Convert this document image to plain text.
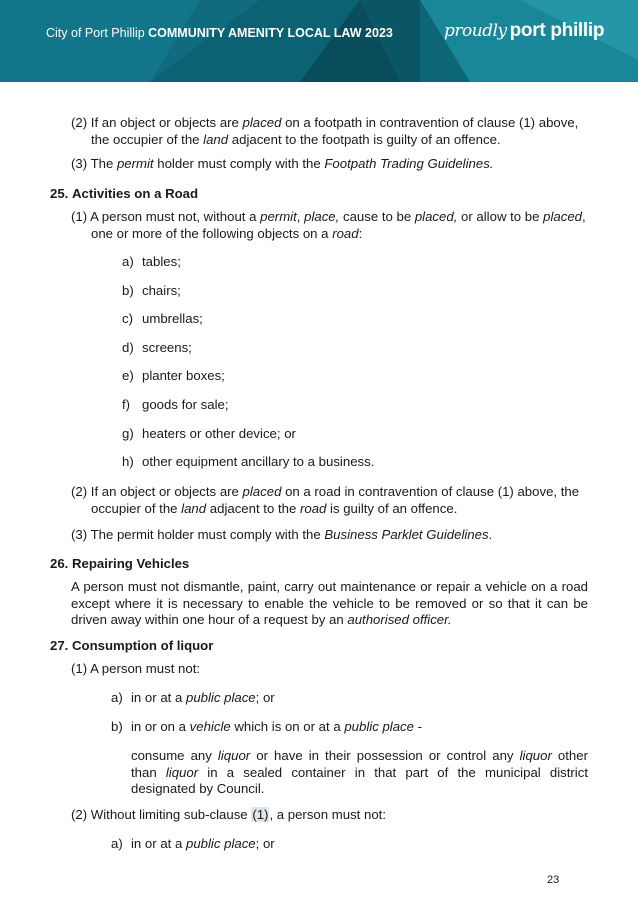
City of Port Phillip COMMUNITY AMENITY LOCAL LAW 2023	proudly port phillip
(2) If an object or objects are placed on a footpath in contravention of clause (1) above, the occupier of the land adjacent to the footpath is guilty of an offence.
(3) The permit holder must comply with the Footpath Trading Guidelines.
25. Activities on a Road
(1) A person must not, without a permit, place, cause to be placed, or allow to be placed, one or more of the following objects on a road:
a) tables;
b) chairs;
c) umbrellas;
d) screens;
e) planter boxes;
f) goods for sale;
g) heaters or other device; or
h) other equipment ancillary to a business.
(2) If an object or objects are placed on a road in contravention of clause (1) above, the occupier of the land adjacent to the road is guilty of an offence.
(3) The permit holder must comply with the Business Parklet Guidelines.
26. Repairing Vehicles
A person must not dismantle, paint, carry out maintenance or repair a vehicle on a road except where it is necessary to enable the vehicle to be removed or so that it can be driven away within one hour of a request by an authorised officer.
27. Consumption of liquor
(1) A person must not:
a) in or at a public place; or
b) in or on a vehicle which is on or at a public place -
consume any liquor or have in their possession or control any liquor other than liquor in a sealed container in that part of the municipal district designated by Council.
(2) Without limiting sub-clause (1), a person must not:
a) in or at a public place; or
23
